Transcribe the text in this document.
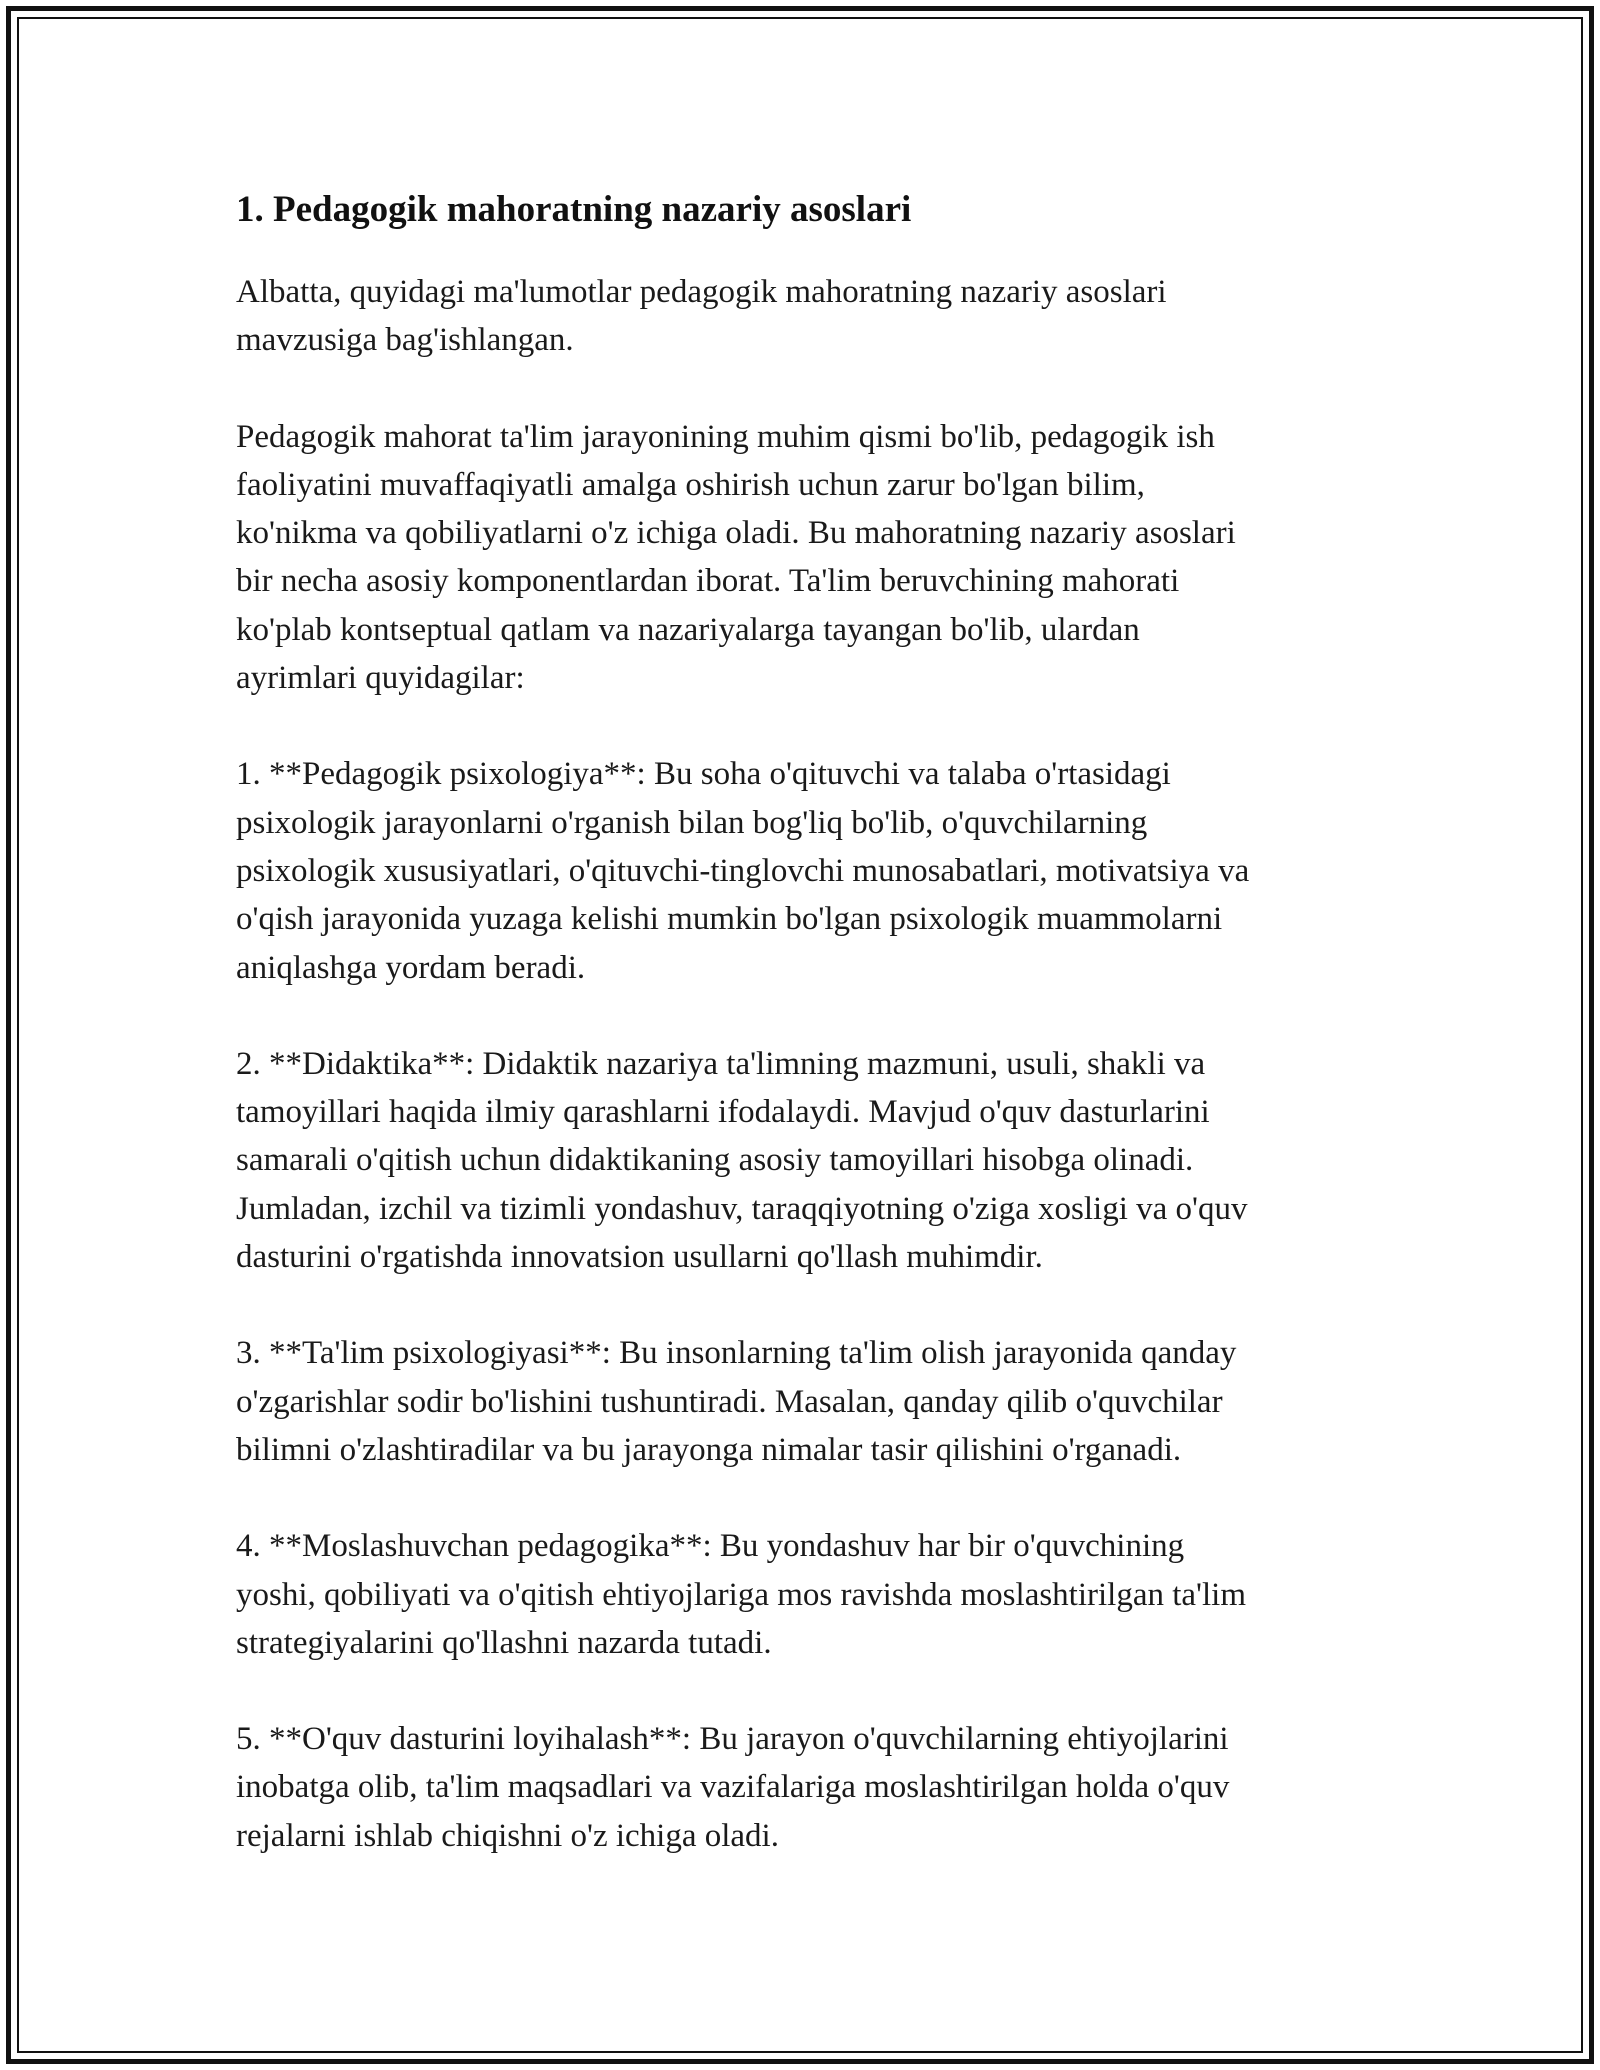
1. Pedagogik mahoratning nazariy asoslari

Albatta, quyidagi ma'lumotlar pedagogik mahoratning nazariy asoslari
mavzusiga bag'ishlangan.

Pedagogik mahorat ta'lim jarayonining muhim qismi bo'lib, pedagogik ish
faoliyatini muvaffaqiyatli amalga oshirish uchun zarur bo'lgan bilim,
ko'nikma va qobiliyatlarni o'z ichiga oladi. Bu mahoratning nazariy asoslari
bir necha asosiy komponentlardan iborat. Ta'lim beruvchining mahorati
ko'plab kontseptual qatlam va nazariyalarga tayangan bo'lib, ulardan
ayrimlari quyidagilar:

1. **Pedagogik psixologiya**: Bu soha o'qituvchi va talaba o'rtasidagi
psixologik jarayonlarni o'rganish bilan bog'liq bo'lib, o'quvchilarning
psixologik xususiyatlari, o'qituvchi-tinglovchi munosabatlari, motivatsiya va
o'qish jarayonida yuzaga kelishi mumkin bo'lgan psixologik muammolarni
aniqlashga yordam beradi.

2. **Didaktika**: Didaktik nazariya ta'limning mazmuni, usuli, shakli va
tamoyillari haqida ilmiy qarashlarni ifodalaydi. Mavjud o'quv dasturlarini
samarali o'qitish uchun didaktikaning asosiy tamoyillari hisobga olinadi.
Jumladan, izchil va tizimli yondashuv, taraqqiyotning o'ziga xosligi va o'quv
dasturini o'rgatishda innovatsion usullarni qo'llash muhimdir.

3. **Ta'lim psixologiyasi**: Bu insonlarning ta'lim olish jarayonida qanday
o'zgarishlar sodir bo'lishini tushuntiradi. Masalan, qanday qilib o'quvchilar
bilimni o'zlashtiradilar va bu jarayonga nimalar tasir qilishini o'rganadi.

4. **Moslashuvchan pedagogika**: Bu yondashuv har bir o'quvchining
yoshi, qobiliyati va o'qitish ehtiyojlariga mos ravishda moslashtirilgan ta'lim
strategiyalarini qo'llashni nazarda tutadi.

5. **O'quv dasturini loyihalash**: Bu jarayon o'quvchilarning ehtiyojlarini
inobatga olib, ta'lim maqsadlari va vazifalariga moslashtirilgan holda o'quv
rejalarni ishlab chiqishni o'z ichiga oladi.
